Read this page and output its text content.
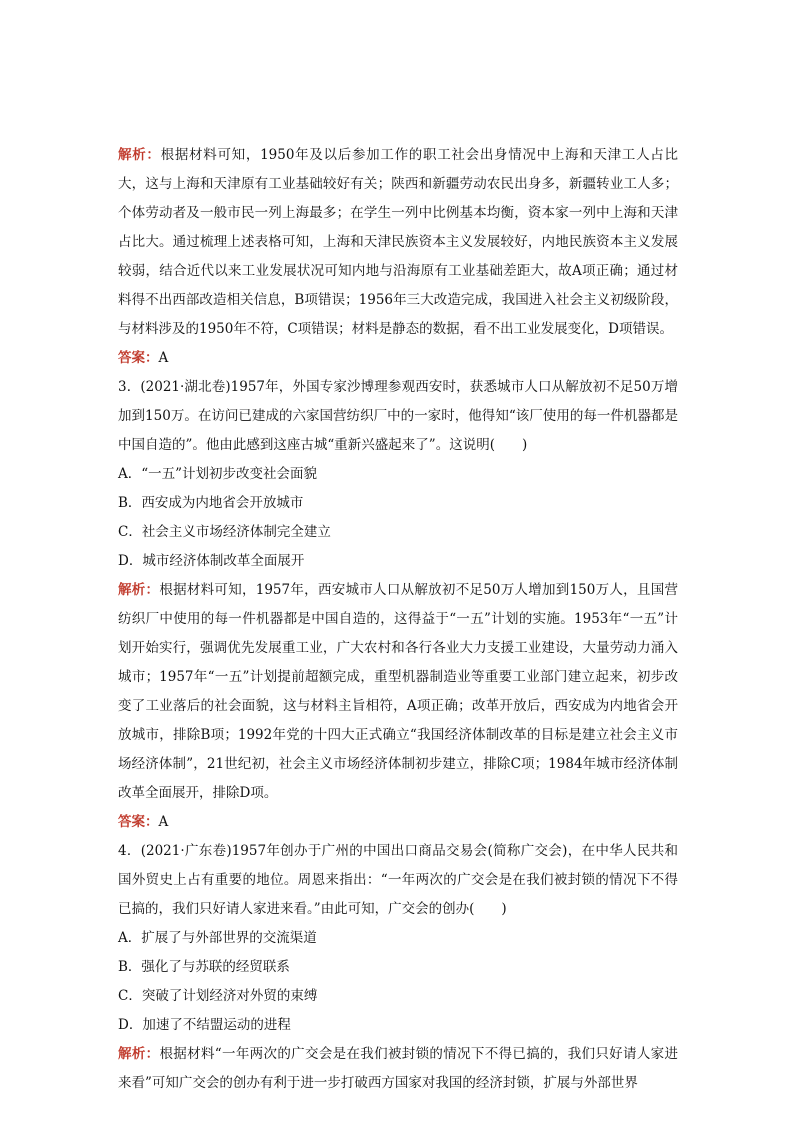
解析：根据材料可知，1950年及以后参加工作的职工社会出身情况中上海和天津工人占比大，这与上海和天津原有工业基础较好有关；陕西和新疆劳动农民出身多，新疆转业工人多；个体劳动者及一般市民一列上海最多；在学生一列中比例基本均衡，资本家一列中上海和天津占比大。通过梳理上述表格可知，上海和天津民族资本主义发展较好，内地民族资本主义发展较弱，结合近代以来工业发展状况可知内地与沿海原有工业基础差距大，故A项正确；通过材料得不出西部改造相关信息，B项错误；1956年三大改造完成，我国进入社会主义初级阶段，与材料涉及的1950年不符，C项错误；材料是静态的数据，看不出工业发展变化，D项错误。

答案：A

3．(2021·湖北卷)1957年，外国专家沙博理参观西安时，获悉城市人口从解放初不足50万增加到150万。在访问已建成的六家国营纺织厂中的一家时，他得知“该厂使用的每一件机器都是中国自造的”。他由此感到这座古城“重新兴盛起来了”。这说明(　　)

A．“一五”计划初步改变社会面貌

B．西安成为内地省会开放城市

C．社会主义市场经济体制完全建立

D．城市经济体制改革全面展开

解析：根据材料可知，1957年，西安城市人口从解放初不足50万人增加到150万人，且国营纺织厂中使用的每一件机器都是中国自造的，这得益于“一五”计划的实施。1953年“一五”计划开始实行，强调优先发展重工业，广大农村和各行各业大力支援工业建设，大量劳动力涌入城市；1957年“一五”计划提前超额完成，重型机器制造业等重要工业部门建立起来，初步改变了工业落后的社会面貌，这与材料主旨相符，A项正确；改革开放后，西安成为内地省会开放城市，排除B项；1992年党的十四大正式确立“我国经济体制改革的目标是建立社会主义市场经济体制”，21世纪初，社会主义市场经济体制初步建立，排除C项；1984年城市经济体制改革全面展开，排除D项。

答案：A

4．(2021·广东卷)1957年创办于广州的中国出口商品交易会(简称广交会)，在中华人民共和国外贸史上占有重要的地位。周恩来指出：“一年两次的广交会是在我们被封锁的情况下不得已搞的，我们只好请人家进来看。”由此可知，广交会的创办(　　)

A．扩展了与外部世界的交流渠道

B．强化了与苏联的经贸联系

C．突破了计划经济对外贸的束缚

D．加速了不结盟运动的进程

解析：根据材料“一年两次的广交会是在我们被封锁的情况下不得已搞的，我们只好请人家进来看”可知广交会的创办有利于进一步打破西方国家对我国的经济封锁，扩展与外部世界
